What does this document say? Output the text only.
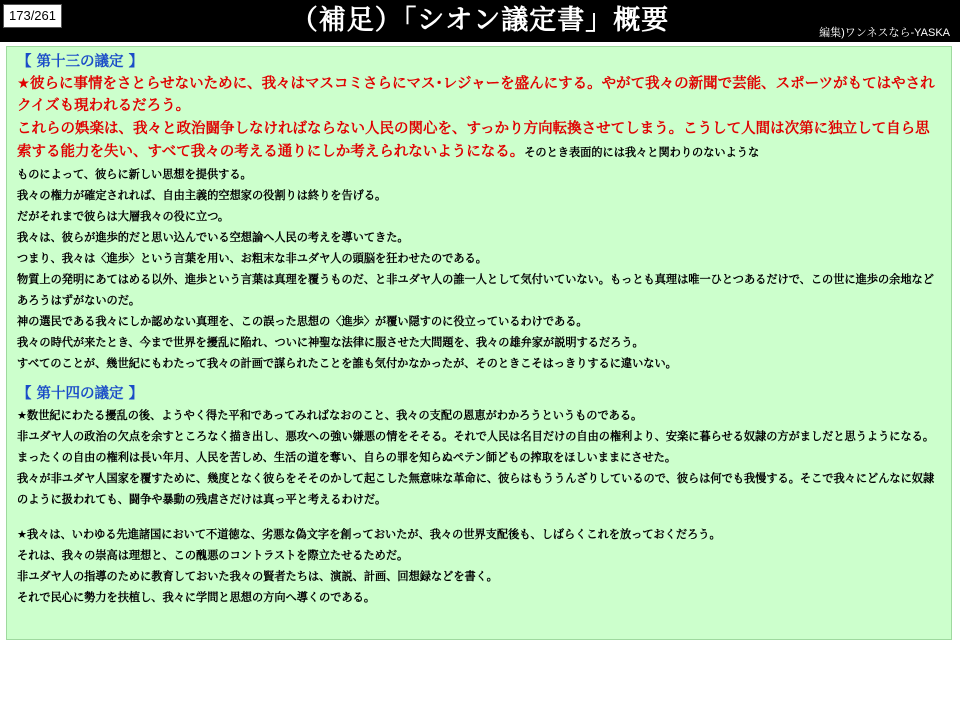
173/261	（補足）「シオン議定書」概要	編集)ワンネスなら-YASKA
【 第十三の議定 】
★彼らに事情をさとらせないために、我々はマスコミさらにマス･レジャーを盛んにする。やがて我々の新聞で芸能、スポーツがもてはやされクイズも現われるだろう。

これらの娯楽は、我々と政治闘争しなければならない人民の関心を、すっかり方向転換させてしまう。こうして人間は次第に独立して自ら思索する能力を失い、すべて我々の考える通りにしか考えられないようになる。そのとき表面的には我々と関わりのないような

ものによって、彼らに新しい思想を提供する。

我々の権力が確定されれば、自由主義的空想家の役割りは終りを告げる。

だがそれまで彼らは大層我々の役に立つ。

我々は、彼らが進歩的だと思い込んでいる空想論へ人民の考えを導いてきた。

つまり、我々は〈進歩〉という言葉を用い、お粗末な非ユダヤ人の頭脳を狂わせたのである。

物質上の発明にあてはめる以外、進歩という言葉は真理を覆うものだ、と非ユダヤ人の誰一人として気付いていない。もっとも真理は唯一ひとつあるだけで、この世に進歩の余地などあろうはずがないのだ。

神の選民である我々にしか認めない真理を、この誤った思想の〈進歩〉が覆い隠すのに役立っているわけである。

我々の時代が来たとき、今まで世界を擾乱に陥れ、ついに神聖な法律に服させた大問題を、我々の雄弁家が説明するだろう。

すべてのことが、幾世紀にもわたって我々の計画で謀られたことを誰も気付かなかったが、そのときこそはっきりするに違いない。

【 第十四の議定 】

★数世紀にわたる擾乱の後、ようやく得た平和であってみればなおのこと、我々の支配の恩恵がわかろうというものである。

非ユダヤ人の政治の欠点を余すところなく描き出し、悪攻への強い嫌悪の情をそそる。それで人民は名目だけの自由の権利より、安楽に暮らせる奴隷の方がましだと思うようになる。

まったくの自由の権利は長い年月、人民を苦しめ、生活の道を奪い、自らの罪を知らぬペテン師どもの搾取をほしいままにさせた。

我々が非ユダヤ人国家を覆すために、幾度となく彼らをそそのかして起こした無意味な革命に、彼らはもううんざりしているので、彼らは何でも我慢する。そこで我々にどんなに奴隷のように扱われても、闘争や暴動の残虐さだけは真っ平と考えるわけだ。

★我々は、いわゆる先進諸国において不道徳な、劣悪な偽文字を創っておいたが、我々の世界支配後も、しばらくこれを放っておくだろう。

それは、我々の崇高は理想と、この醜悪のコントラストを際立たせるためだ。

非ユダヤ人の指導のために教育しておいた我々の賢者たちは、演説、計画、回想録などを書く。

それで民心に勢力を扶植し、我々に学問と思想の方向へ導くのである。
